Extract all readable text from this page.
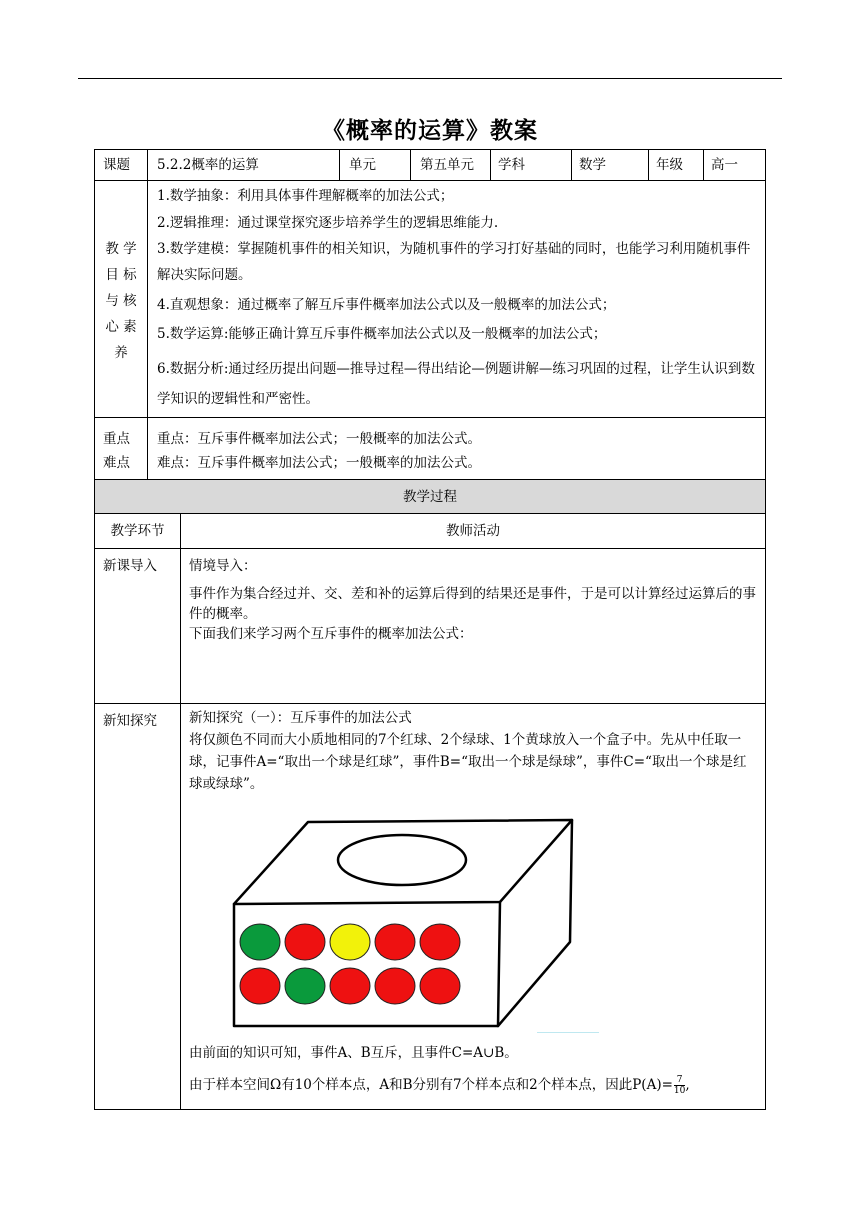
《概率的运算》教案
课题 5.2.2概率的运算	单元	第五单元 学科	数学	年级 高一
教 学
目 标
与 核
心 素
养

1.数学抽象：利用具体事件理解概率的加法公式；

2.逻辑推理：通过课堂探究逐步培养学生的逻辑思维能力.

3.数学建模：掌握随机事件的相关知识，为随机事件的学习打好基础的同时，也能学习利用随机事件解决实际问题。

4.直观想象：通过概率了解互斥事件概率加法公式以及一般概率的加法公式；

5.数学运算:能够正确计算互斥事件概率加法公式以及一般概率的加法公式；

6.数据分析:通过经历提出问题—推导过程—得出结论—例题讲解—练习巩固的过程，让学生认识到数学知识的逻辑性和严密性。

重点
难点
重点：互斥事件概率加法公式；一般概率的加法公式。
难点：互斥事件概率加法公式；一般概率的加法公式。
教学过程
教学环节	教师活动
新课导入 情境导入：
事件作为集合经过并、交、差和补的运算后得到的结果还是事件，于是可以计算经过运算后的事件的概率。
下面我们来学习两个互斥事件的概率加法公式：
新知探究 新知探究（一）：互斥事件的加法公式
将仅颜色不同而大小质地相同的7个红球、2个绿球、1个黄球放入一个盒子中。先从中任取一球，记事件A=“取出一个球是红球”，事件B=“取出一个球是绿球”，事件C=“取出一个球是红球或绿球”。
由前面的知识可知，事件A、B互斥，且事件C=A∪B。
由于样本空间Ω有10个样本点，A和B分别有7个样本点和2个样本点，因此$P(A)= \frac{7}{10}$ ,
